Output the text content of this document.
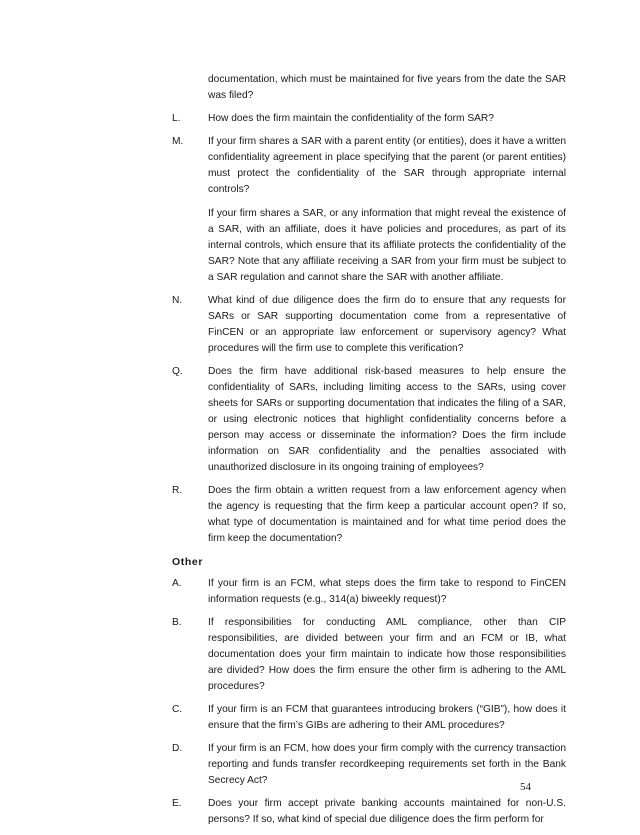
documentation, which must be maintained for five years from the date the SAR was filed?

L.	How does the firm maintain the confidentiality of the form SAR?

M. If your firm shares a SAR with a parent entity (or entities), does it have a written confidentiality agreement in place specifying that the parent (or parent entities) must protect the confidentiality of the SAR through appropriate internal controls?

If your firm shares a SAR, or any information that might reveal the existence of a SAR, with an affiliate, does it have policies and procedures, as part of its internal controls, which ensure that its affiliate protects the confidentiality of the SAR? Note that any affiliate receiving a SAR from your firm must be subject to a SAR regulation and cannot share the SAR with another affiliate.

N.	What kind of due diligence does the firm do to ensure that any requests for SARs or SAR supporting documentation come from a representative of FinCEN or an appropriate law enforcement or supervisory agency? What procedures will the firm use to complete this verification?

Q. Does the firm have additional risk-based measures to help ensure the confidentiality of SARs, including limiting access to the SARs, using cover sheets for SARs or supporting documentation that indicates the filing of a SAR, or using electronic notices that highlight confidentiality concerns before a person may access or disseminate the information? Does the firm include information on SAR confidentiality and the penalties associated with unauthorized disclosure in its ongoing training of employees?

R.	Does the firm obtain a written request from a law enforcement agency when the agency is requesting that the firm keep a particular account open? If so, what type of documentation is maintained and for what time period does the firm keep the documentation?

Other
A.	If your firm is an FCM, what steps does the firm take to respond to FinCEN information requests (e.g., 314(a) biweekly request)?

B.	If responsibilities for conducting AML compliance, other than CIP responsibilities, are divided between your firm and an FCM or IB, what documentation does your firm maintain to indicate how those responsibilities are divided? How does the firm ensure the other firm is adhering to the AML procedures?

C.	If your firm is an FCM that guarantees introducing brokers (“GIB”), how does it ensure that the firm’s GIBs are adhering to their AML procedures?

D.	If your firm is an FCM, how does your firm comply with the currency transaction reporting and funds transfer recordkeeping requirements set forth in the Bank Secrecy Act?

E.	Does your firm accept private banking accounts maintained for non-U.S. persons? If so, what kind of special due diligence does the firm perform for

54
